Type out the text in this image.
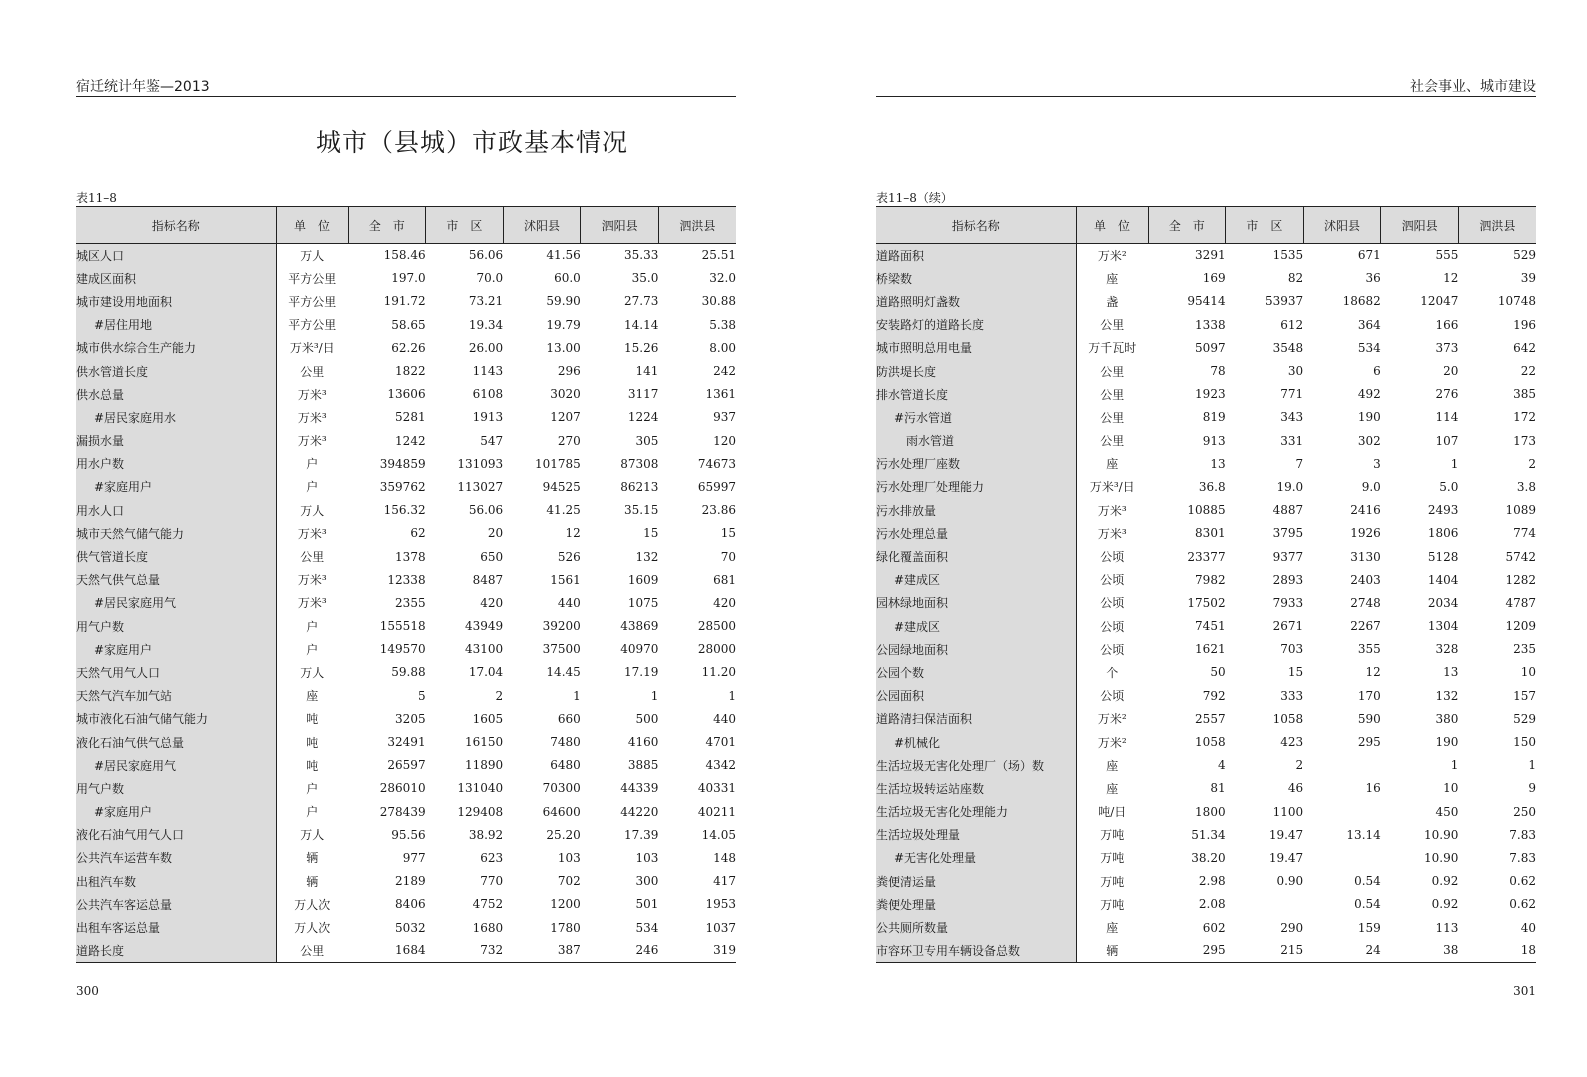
宿迁统计年鉴—2013
城市（县城）市政基本情况
表11–8
指标名称	单　位	全　市	市　区	沭阳县	泗阳县	泗洪县
城区人口	万人	158.46	56.06	41.56	35.33	25.51
建成区面积	平方公里	197.0	70.0	60.0	35.0	32.0
城市建设用地面积	平方公里	191.72	73.21	59.90	27.73	30.88
#居住用地	平方公里	58.65	19.34	19.79	14.14	5.38
城市供水综合生产能力	万米³/日	62.26	26.00	13.00	15.26	8.00
供水管道长度	公里	1822	1143	296	141	242
供水总量	万米³	13606	6108	3020	3117	1361
#居民家庭用水	万米³	5281	1913	1207	1224	937
漏损水量	万米³	1242	547	270	305	120
用水户数	户	394859	131093	101785	87308	74673
#家庭用户	户	359762	113027	94525	86213	65997
用水人口	万人	156.32	56.06	41.25	35.15	23.86
城市天然气储气能力	万米³	62	20	12	15	15
供气管道长度	公里	1378	650	526	132	70
天然气供气总量	万米³	12338	8487	1561	1609	681
#居民家庭用气	万米³	2355	420	440	1075	420
用气户数	户	155518	43949	39200	43869	28500
#家庭用户	户	149570	43100	37500	40970	28000
天然气用气人口	万人	59.88	17.04	14.45	17.19	11.20
天然气汽车加气站	座	5	2	1	1	1
城市液化石油气储气能力	吨	3205	1605	660	500	440
液化石油气供气总量	吨	32491	16150	7480	4160	4701
#居民家庭用气	吨	26597	11890	6480	3885	4342
用气户数	户	286010	131040	70300	44339	40331
#家庭用户	户	278439	129408	64600	44220	40211
液化石油气用气人口	万人	95.56	38.92	25.20	17.39	14.05
公共汽车运营车数	辆	977	623	103	103	148
出租汽车数	辆	2189	770	702	300	417
公共汽车客运总量	万人次	8406	4752	1200	501	1953
出租车客运总量	万人次	5032	1680	1780	534	1037
道路长度	公里	1684	732	387	246	319
300
社会事业、城市建设
表11–8（续）
指标名称	单　位	全　市	市　区	沭阳县	泗阳县	泗洪县
道路面积	万米²	3291	1535	671	555	529
桥梁数	座	169	82	36	12	39
道路照明灯盏数	盏	95414	53937	18682	12047	10748
安装路灯的道路长度	公里	1338	612	364	166	196
城市照明总用电量	万千瓦时	5097	3548	534	373	642
防洪堤长度	公里	78	30	6	20	22
排水管道长度	公里	1923	771	492	276	385
#污水管道	公里	819	343	190	114	172
　雨水管道	公里	913	331	302	107	173
污水处理厂座数	座	13	7	3	1	2
污水处理厂处理能力	万米³/日	36.8	19.0	9.0	5.0	3.8
污水排放量	万米³	10885	4887	2416	2493	1089
污水处理总量	万米³	8301	3795	1926	1806	774
绿化覆盖面积	公顷	23377	9377	3130	5128	5742
#建成区	公顷	7982	2893	2403	1404	1282
园林绿地面积	公顷	17502	7933	2748	2034	4787
#建成区	公顷	7451	2671	2267	1304	1209
公园绿地面积	公顷	1621	703	355	328	235
公园个数	个	50	15	12	13	10
公园面积	公顷	792	333	170	132	157
道路清扫保洁面积	万米²	2557	1058	590	380	529
#机械化	万米²	1058	423	295	190	150
生活垃圾无害化处理厂（场）数	座	4	2		1	1
生活垃圾转运站座数	座	81	46	16	10	9
生活垃圾无害化处理能力	吨/日	1800	1100		450	250
生活垃圾处理量	万吨	51.34	19.47	13.14	10.90	7.83
#无害化处理量	万吨	38.20	19.47		10.90	7.83
粪便清运量	万吨	2.98	0.90	0.54	0.92	0.62
粪便处理量	万吨	2.08		0.54	0.92	0.62
公共厕所数量	座	602	290	159	113	40
市容环卫专用车辆设备总数	辆	295	215	24	38	18
301
